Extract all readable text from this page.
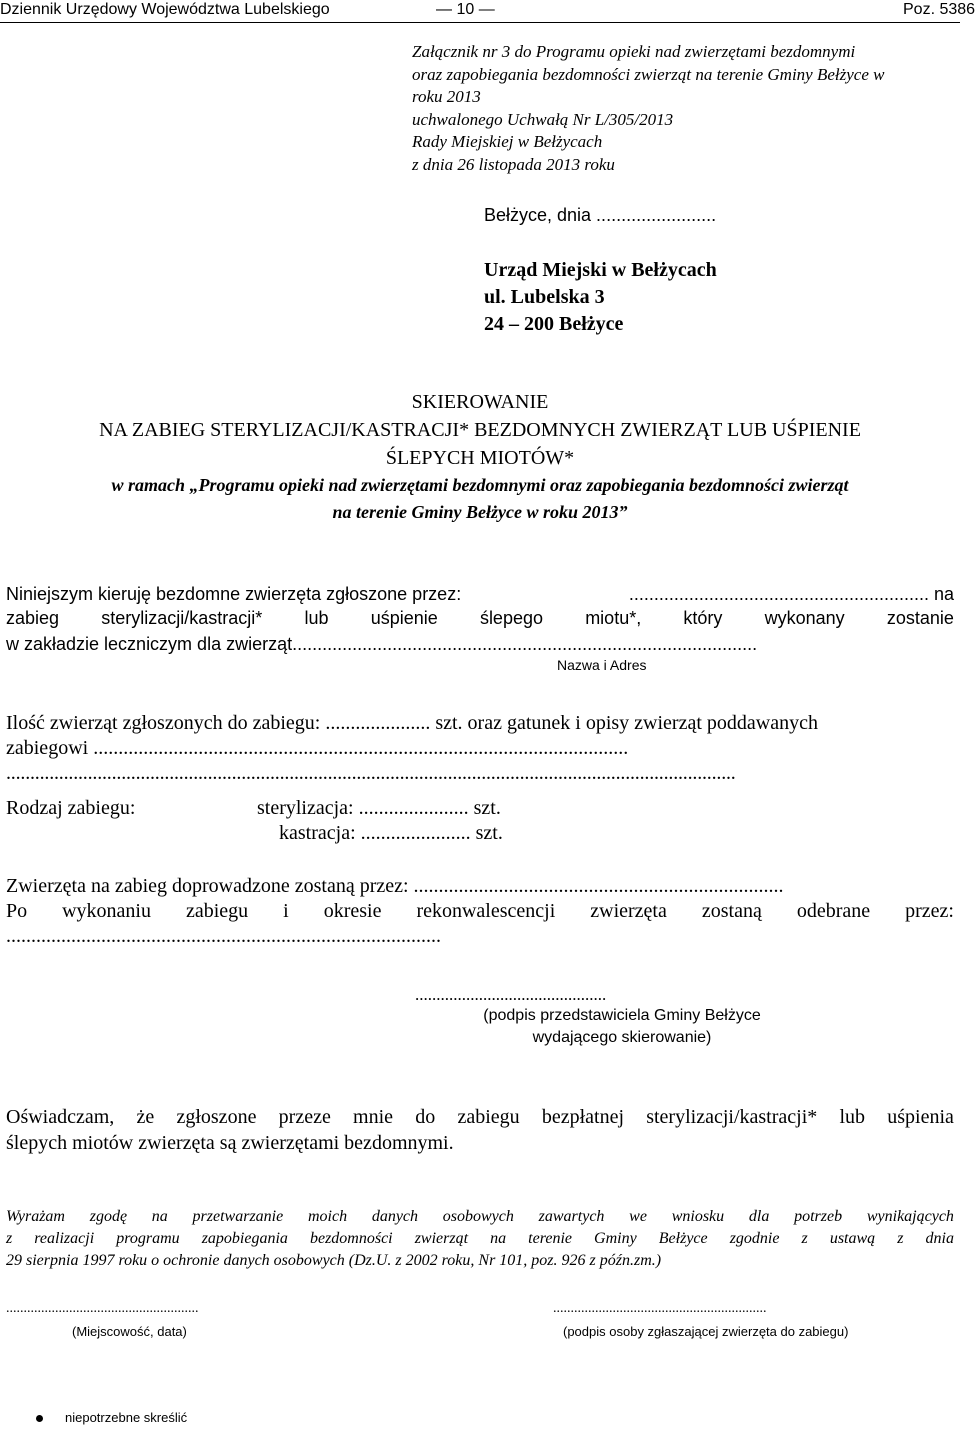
Dziennik Urzędowy Województwa Lubelskiego	— 10 —	Poz. 5386
Załącznik nr 3 do Programu opieki nad zwierzętami bezdomnymi
oraz zapobiegania bezdomności zwierząt na terenie Gminy Bełżyce w
roku 2013
uchwalonego Uchwałą Nr L/305/2013
Rady Miejskiej w Bełżycach
z dnia 26 listopada 2013 roku
Bełżyce, dnia ........................
Urząd Miejski w Bełżycach
ul. Lubelska 3
24 – 200 Bełżyce
SKIEROWANIE
NA ZABIEG STERYLIZACJI/KASTRACJI* BEZDOMNYCH ZWIERZĄT LUB UŚPIENIE
ŚLEPYCH MIOTÓW*
w ramach „Programu opieki nad zwierzętami bezdomnymi oraz zapobiegania bezdomności zwierząt
na terenie Gminy Bełżyce w roku 2013”
Niniejszym kieruję bezdomne zwierzęta zgłoszone przez:	............................................................ na
zabieg sterylizacji/kastracji* lub uśpienie ślepego miotu*, który wykonany zostanie
w zakładzie leczniczym dla zwierząt.............................................................................................
Nazwa i Adres
Ilość zwierząt zgłoszonych do zabiegu: ..................... szt. oraz gatunek i opisy zwierząt poddawanych
zabiegowi ...........................................................................................................
........................................................................................................................................................
Rodzaj zabiegu:	sterylizacja: ...................... szt.
kastracja: ...................... szt.
Zwierzęta na zabieg doprowadzone zostaną przez: ..........................................................................
Po wykonaniu zabiegu i okresie rekonwalescencji zwierzęta zostaną odebrane przez:
.......................................................................................
.............................................
(podpis przedstawiciela Gminy Bełżyce
wydającego skierowanie)
Oświadczam, że zgłoszone przeze mnie do zabiegu bezpłatnej sterylizacji/kastracji* lub uśpienia
ślepych miotów zwierzęta są zwierzętami bezdomnymi.
Wyrażam zgodę na przetwarzanie moich danych osobowych zawartych we wniosku dla potrzeb wynikających
z realizacji programu zapobiegania bezdomności zwierząt na terenie Gminy Bełżyce zgodnie z ustawą z dnia
29 sierpnia 1997 roku o ochronie danych osobowych (Dz.U. z 2002 roku, Nr 101, poz. 926 z późn.zm.)
.......................................................
(Miejscowość, data)
.............................................................
(podpis osoby zgłaszającej zwierzęta do zabiegu)
niepotrzebne skreślić
